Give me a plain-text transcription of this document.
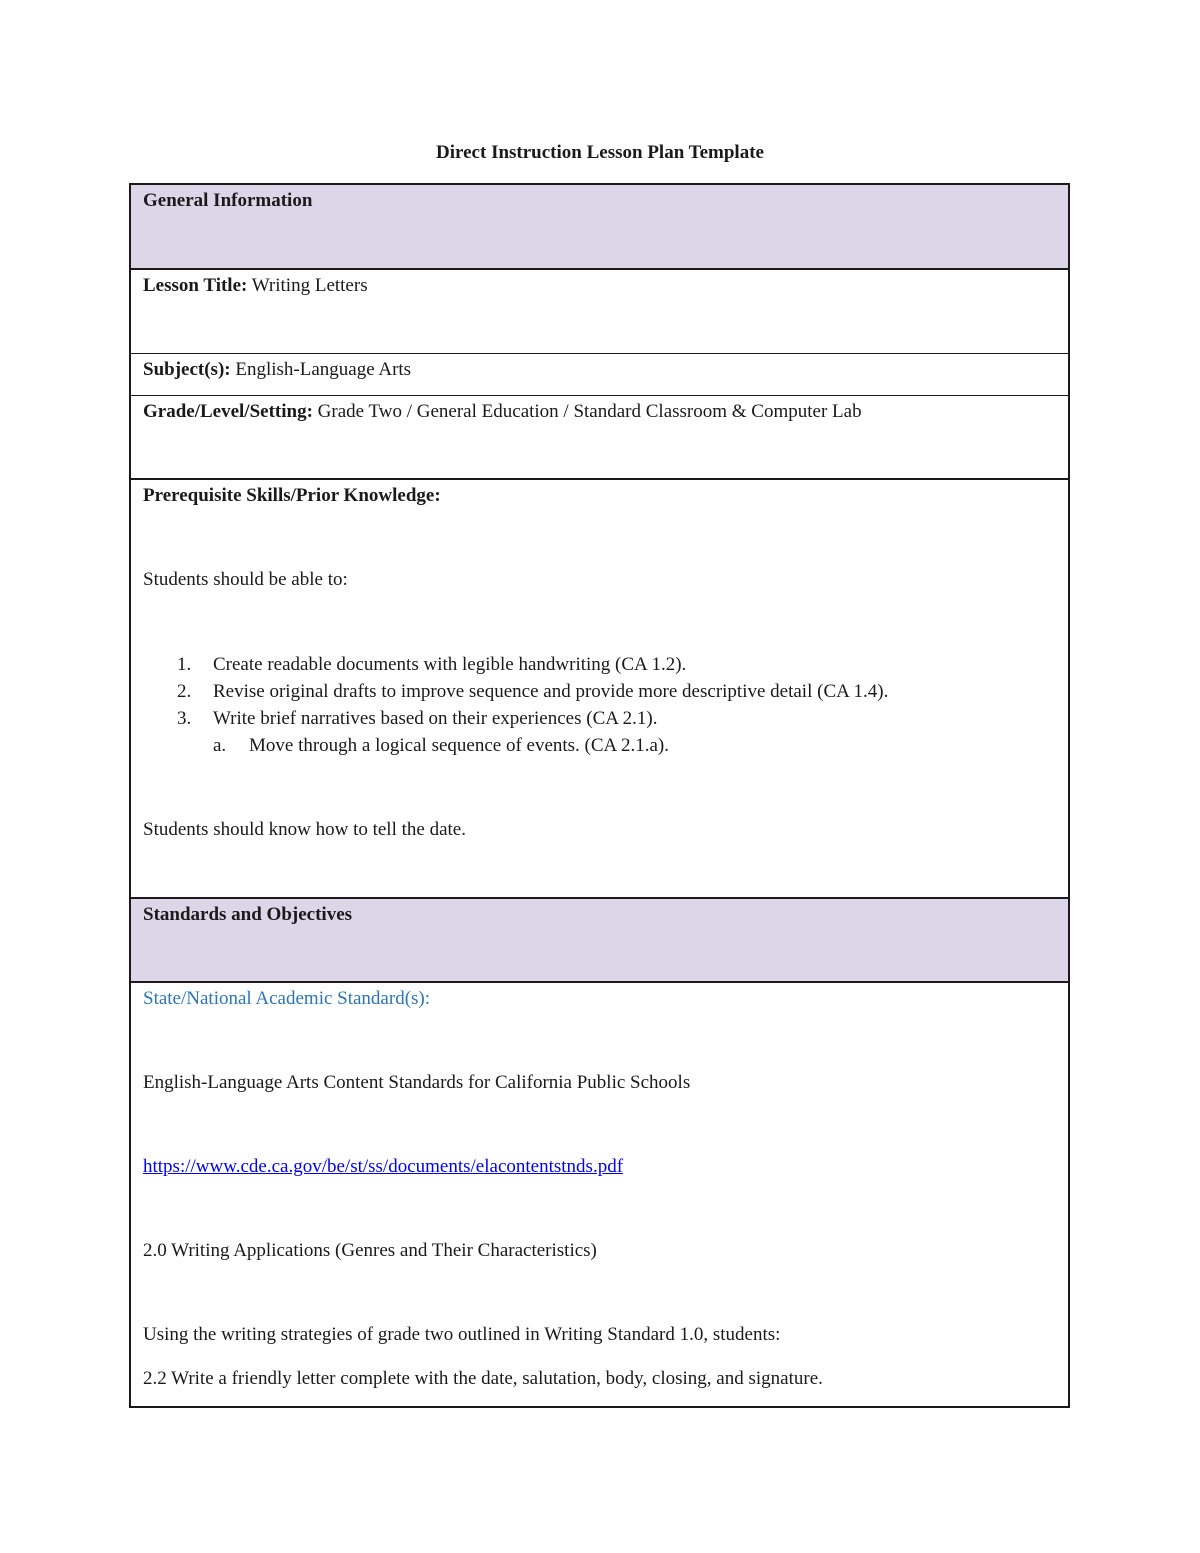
Direct Instruction Lesson Plan Template
General Information
Lesson Title: Writing Letters
Subject(s): English-Language Arts
Grade/Level/Setting: Grade Two / General Education / Standard Classroom & Computer Lab

Prerequisite Skills/Prior Knowledge:

Students should be able to:

1. Create readable documents with legible handwriting (CA 1.2).
2. Revise original drafts to improve sequence and provide more descriptive detail (CA 1.4).
3. Write brief narratives based on their experiences (CA 2.1).
a. Move through a logical sequence of events. (CA 2.1.a).

Students should know how to tell the date.

Standards and Objectives

State/National Academic Standard(s):

English-Language Arts Content Standards for California Public Schools

https://www.cde.ca.gov/be/st/ss/documents/elacontentstnds.pdf

2.0 Writing Applications (Genres and Their Characteristics)

Using the writing strategies of grade two outlined in Writing Standard 1.0, students:

2.2 Write a friendly letter complete with the date, salutation, body, closing, and signature.
